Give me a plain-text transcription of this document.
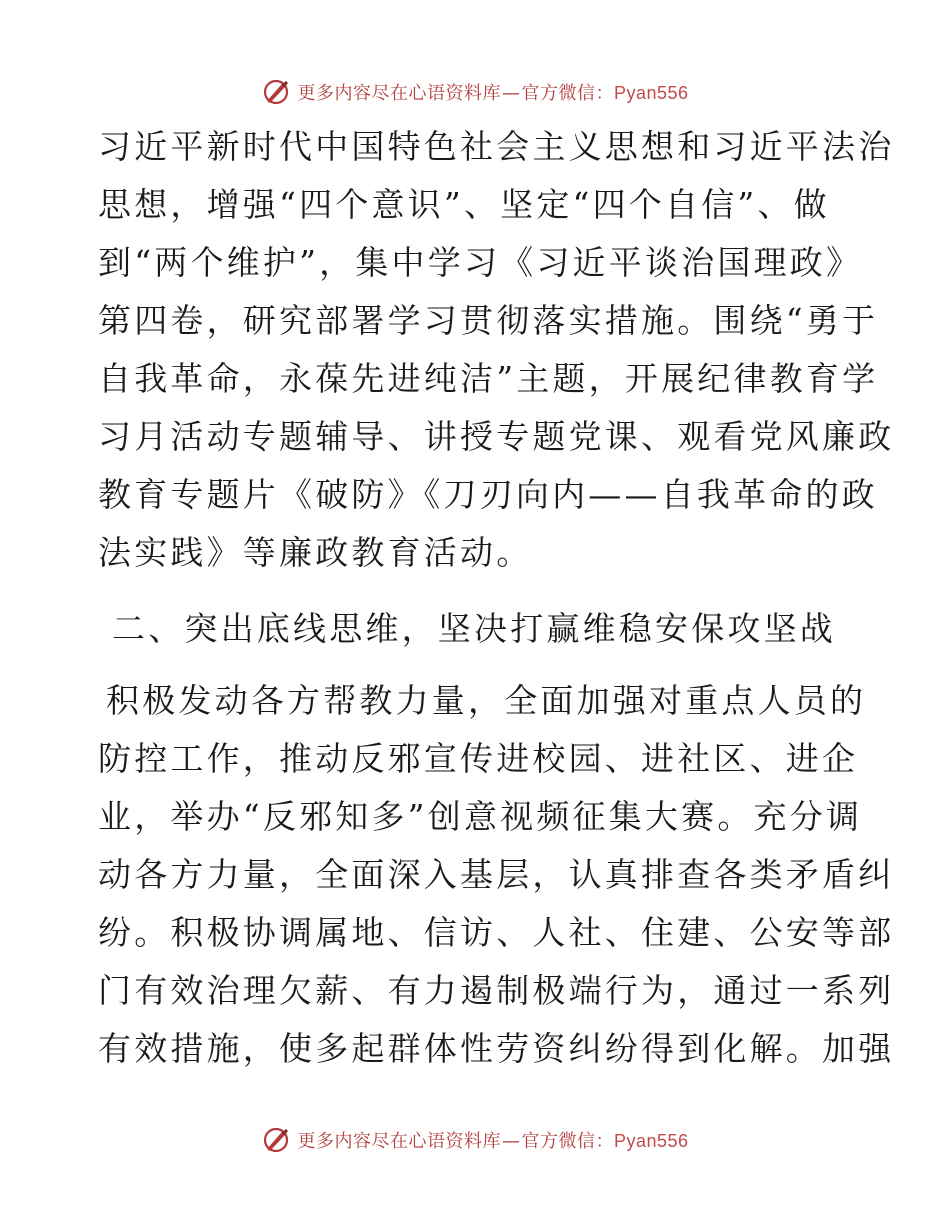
更多内容尽在心语资料库—官方微信：Pyan556
习近平新时代中国特色社会主义思想和习近平法治
思想，增强“四个意识”、坚定“四个自信”、做
到“两个维护”，集中学习《习近平谈治国理政》
第四卷，研究部署学习贯彻落实措施。围绕“勇于
自我革命，永葆先进纯洁”主题，开展纪律教育学
习月活动专题辅导、讲授专题党课、观看党风廉政
教育专题片《破防》《刀刃向内——自我革命的政
法实践》等廉政教育活动。
二、突出底线思维，坚决打赢维稳安保攻坚战
积极发动各方帮教力量，全面加强对重点人员的
防控工作，推动反邪宣传进校园、进社区、进企
业，举办“反邪知多”创意视频征集大赛。充分调
动各方力量，全面深入基层，认真排查各类矛盾纠
纷。积极协调属地、信访、人社、住建、公安等部
门有效治理欠薪、有力遏制极端行为，通过一系列
有效措施，使多起群体性劳资纠纷得到化解。加强
更多内容尽在心语资料库—官方微信：Pyan556
